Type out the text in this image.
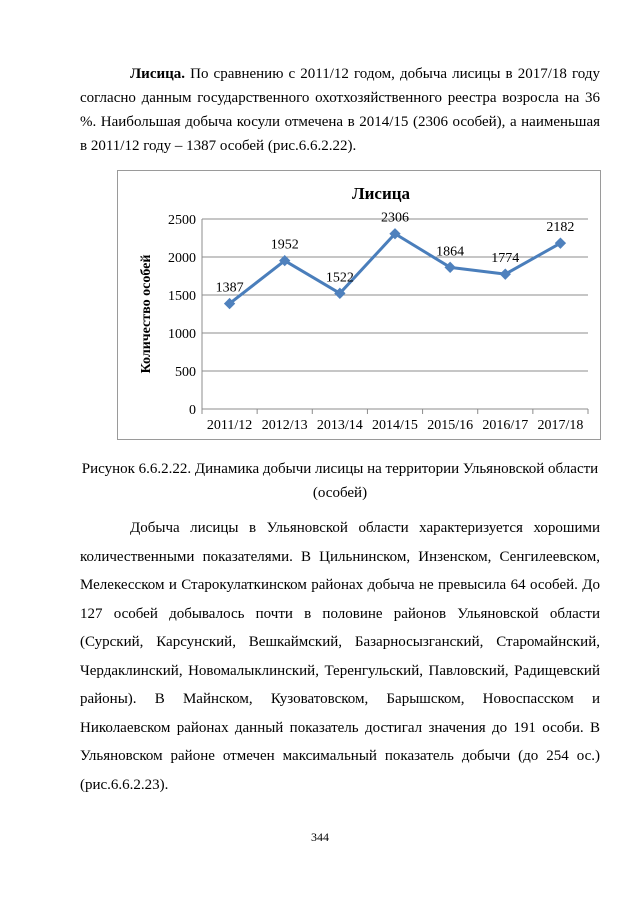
Лисица. По сравнению с 2011/12 годом, добыча лисицы в 2017/18 году согласно данным государственного охотхозяйственного реестра возросла на 36 %. Наибольшая добыча косули отмечена в 2014/15 (2306 особей), а наименьшая в 2011/12 году – 1387 особей (рис.6.6.2.22).

0
500
1000
1500
2000
2500
2011/12 2012/13 2013/14 2014/15 2015/16 2016/17 2017/18
1387
1952
1522
2306
1864 1774
2182
Лисица
Количество особей

Рисунок 6.6.2.22. Динамика добычи лисицы на территории Ульяновской области (особей)

Добыча лисицы в Ульяновской области характеризуется хорошими количественными показателями. В Цильнинском, Инзенском, Сенгилеевском, Мелекесском и Старокулаткинском районах добыча не превысила 64 особей. До 127 особей добывалось почти в половине районов Ульяновской области (Сурский, Карсунский, Вешкаймский, Базарносызганский, Старомайнский, Чердаклинский, Новомалыклинский, Теренгульский, Павловский, Радищевский районы). В Майнском, Кузоватовском, Барышском, Новоспасском и Николаевском районах данный показатель достигал значения до 191 особи. В Ульяновском районе отмечен максимальный показатель добычи (до 254 ос.) (рис.6.6.2.23).

344
